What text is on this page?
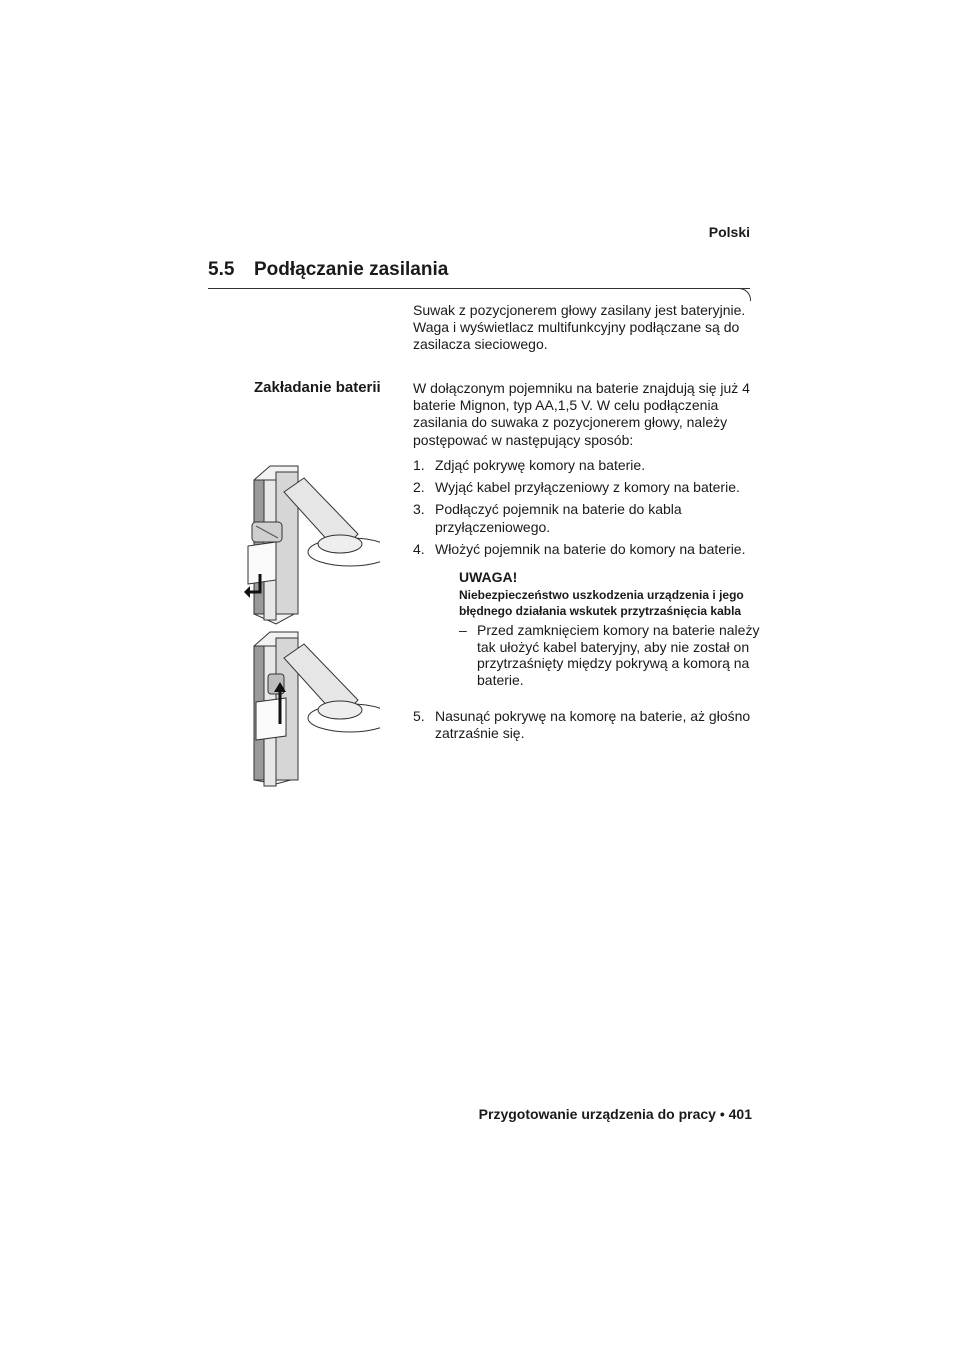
Polski
5.5 Podłączanie zasilania
Suwak z pozycjonerem głowy zasilany jest bateryjnie. Waga i wyświetlacz multifunkcyjny podłączane są do zasilacza sieciowego.
Zakładanie baterii W dołączonym pojemniku na baterie znajdują się już 4 baterie Mignon, typ AA,1,5 V. W celu podłączenia zasilania do suwaka z pozycjonerem głowy, należy postępować w następujący sposób:
1. Zdjąć pokrywę komory na baterie.
2. Wyjąć kabel przyłączeniowy z komory na baterie.
3. Podłączyć pojemnik na baterie do kabla przyłączeniowego.
4. Włożyć pojemnik na baterie do komory na baterie.
UWAGA!
Niebezpieczeństwo uszkodzenia urządzenia i jego błędnego działania wskutek przytrzaśnięcia kabla
– Przed zamknięciem komory na baterie należy tak ułożyć kabel bateryjny, aby nie został on przytrzaśnięty między pokrywą a komorą na baterie.
5. Nasunąć pokrywę na komorę na baterie, aż głośno zatrzaśnie się.
Przygotowanie urządzenia do pracy • 401
